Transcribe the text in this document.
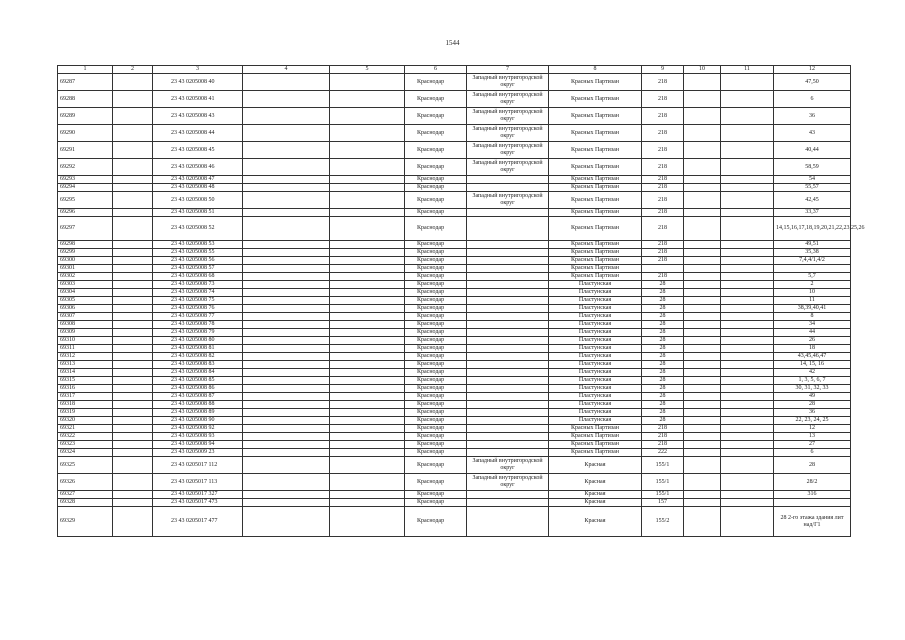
1544
1	2	3	4	5	6	7	8	9	10	11	12
69287		23 43 0205008 40			Краснодар	Западный внутригородской округ	Красных Партизан	218			47,50
69288		23 43 0205008 41			Краснодар	Западный внутригородской округ	Красных Партизан	218			6
69289		23 43 0205008 43			Краснодар	Западный внутригородской округ	Красных Партизан	218			36
69290		23 43 0205008 44			Краснодар	Западный внутригородской округ	Красных Партизан	218			43
69291		23 43 0205008 45			Краснодар	Западный внутригородской округ	Красных Партизан	218			40,44
69292		23 43 0205008 46			Краснодар	Западный внутригородской округ	Красных Партизан	218			58,59
69293		23 43 0205008 47			Краснодар		Красных Партизан	218			54
69294		23 43 0205008 48			Краснодар		Красных Партизан	218			55,57
69295		23 43 0205008 50			Краснодар	Западный внутригородской округ	Красных Партизан	218			42,45
69296		23 43 0205008 51			Краснодар		Красных Партизан	218			33,37
69297		23 43 0205008 52			Краснодар		Красных Партизан	218			14,15,16,17,18,19,20,21,22,23,25,26
69298		23 43 0205008 53			Краснодар		Красных Партизан	218			49,51
69299		23 43 0205008 55			Краснодар		Красных Партизан	218			35,38
69300		23 43 0205008 56			Краснодар		Красных Партизан	218			7,4,4/1,4/2
69301		23 43 0205008 57			Краснодар		Красных Партизан				
69302		23 43 0205008 68			Краснодар		Красных Партизан	218			5,7
69303		23 43 0205008 73			Краснодар		Пластунская	28			2
69304		23 43 0205008 74			Краснодар		Пластунская	28			10
69305		23 43 0205008 75			Краснодар		Пластунская	28			11
69306		23 43 0205008 76			Краснодар		Пластунская	28			38,39,40,41
69307		23 43 0205008 77			Краснодар		Пластунская	28			8
69308		23 43 0205008 78			Краснодар		Пластунская	28			34
69309		23 43 0205008 79			Краснодар		Пластунская	28			44
69310		23 43 0205008 80			Краснодар		Пластунская	28			26
69311		23 43 0205008 81			Краснодар		Пластунская	28			18
69312		23 43 0205008 82			Краснодар		Пластунская	28			43,45,46,47
69313		23 43 0205008 83			Краснодар		Пластунская	28			14, 15, 16
69314		23 43 0205008 84			Краснодар		Пластунская	28			42
69315		23 43 0205008 85			Краснодар		Пластунская	28			1, 3, 5, 6, 7
69316		23 43 0205008 86			Краснодар		Пластунская	28			30, 31, 32, 33
69317		23 43 0205008 87			Краснодар		Пластунская	28			49
69318		23 43 0205008 88			Краснодар		Пластунская	28			28
69319		23 43 0205008 89			Краснодар		Пластунская	28			36
69320		23 43 0205008 90			Краснодар		Пластунская	28			22, 23, 24, 25
69321		23 43 0205008 92			Краснодар		Красных Партизан	218			12
69322		23 43 0205008 93			Краснодар		Красных Партизан	218			13
69323		23 43 0205008 94			Краснодар		Красных Партизан	218			27
69324		23 43 0205009 23			Краснодар		Красных Партизан	222			6
69325		23 43 0205017 112			Краснодар	Западный внутригородской округ	Красная	155/1			28
69326		23 43 0205017 113			Краснодар	Западный внутригородской округ	Красная	155/1			28/2
69327		23 43 0205017 327			Краснодар		Красная	155/1			316
69328		23 43 0205017 473			Краснодар		Красная	157			
69329		23 43 0205017 477			Краснодар		Красная	155/2			28 2-го этажа здания лит над/Г1
